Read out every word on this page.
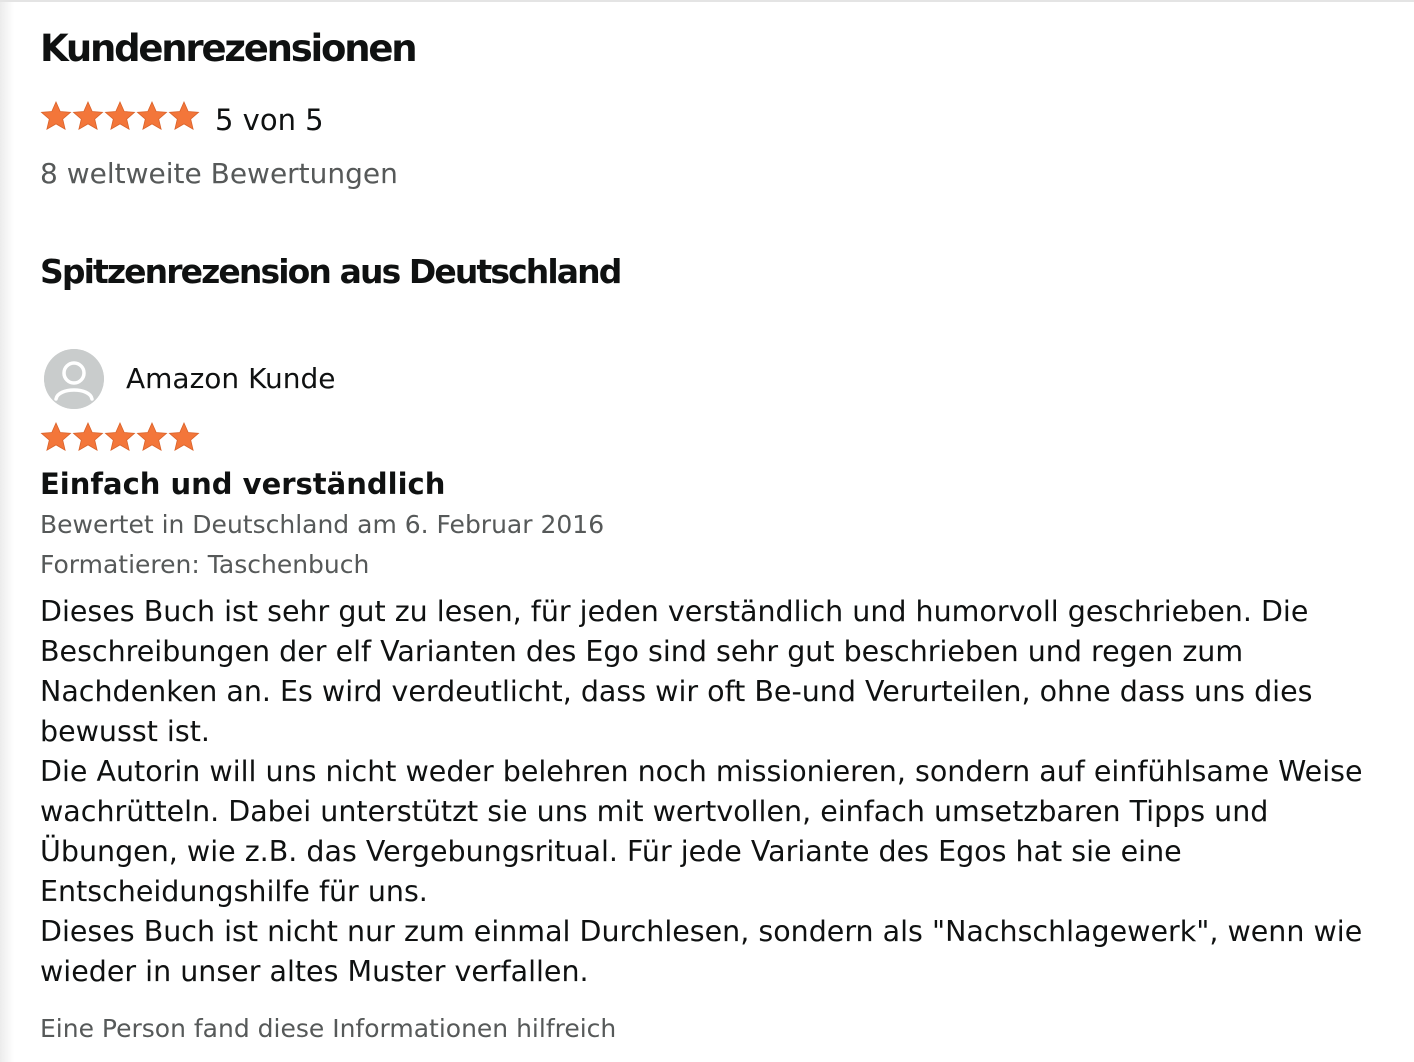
Kundenrezensionen
5 von 5
8 weltweite Bewertungen
Spitzenrezension aus Deutschland
Amazon Kunde
Einfach und verständlich
Bewertet in Deutschland am 6. Februar 2016
Formatieren: Taschenbuch
Dieses Buch ist sehr gut zu lesen, für jeden verständlich und humorvoll geschrieben. Die
Beschreibungen der elf Varianten des Ego sind sehr gut beschrieben und regen zum
Nachdenken an. Es wird verdeutlicht, dass wir oft Be-und Verurteilen, ohne dass uns dies
bewusst ist.
Die Autorin will uns nicht weder belehren noch missionieren, sondern auf einfühlsame Weise
wachrütteln. Dabei unterstützt sie uns mit wertvollen, einfach umsetzbaren Tipps und
Übungen, wie z.B. das Vergebungsritual. Für jede Variante des Egos hat sie eine
Entscheidungshilfe für uns.
Dieses Buch ist nicht nur zum einmal Durchlesen, sondern als "Nachschlagewerk", wenn wie
wieder in unser altes Muster verfallen.
Eine Person fand diese Informationen hilfreich
